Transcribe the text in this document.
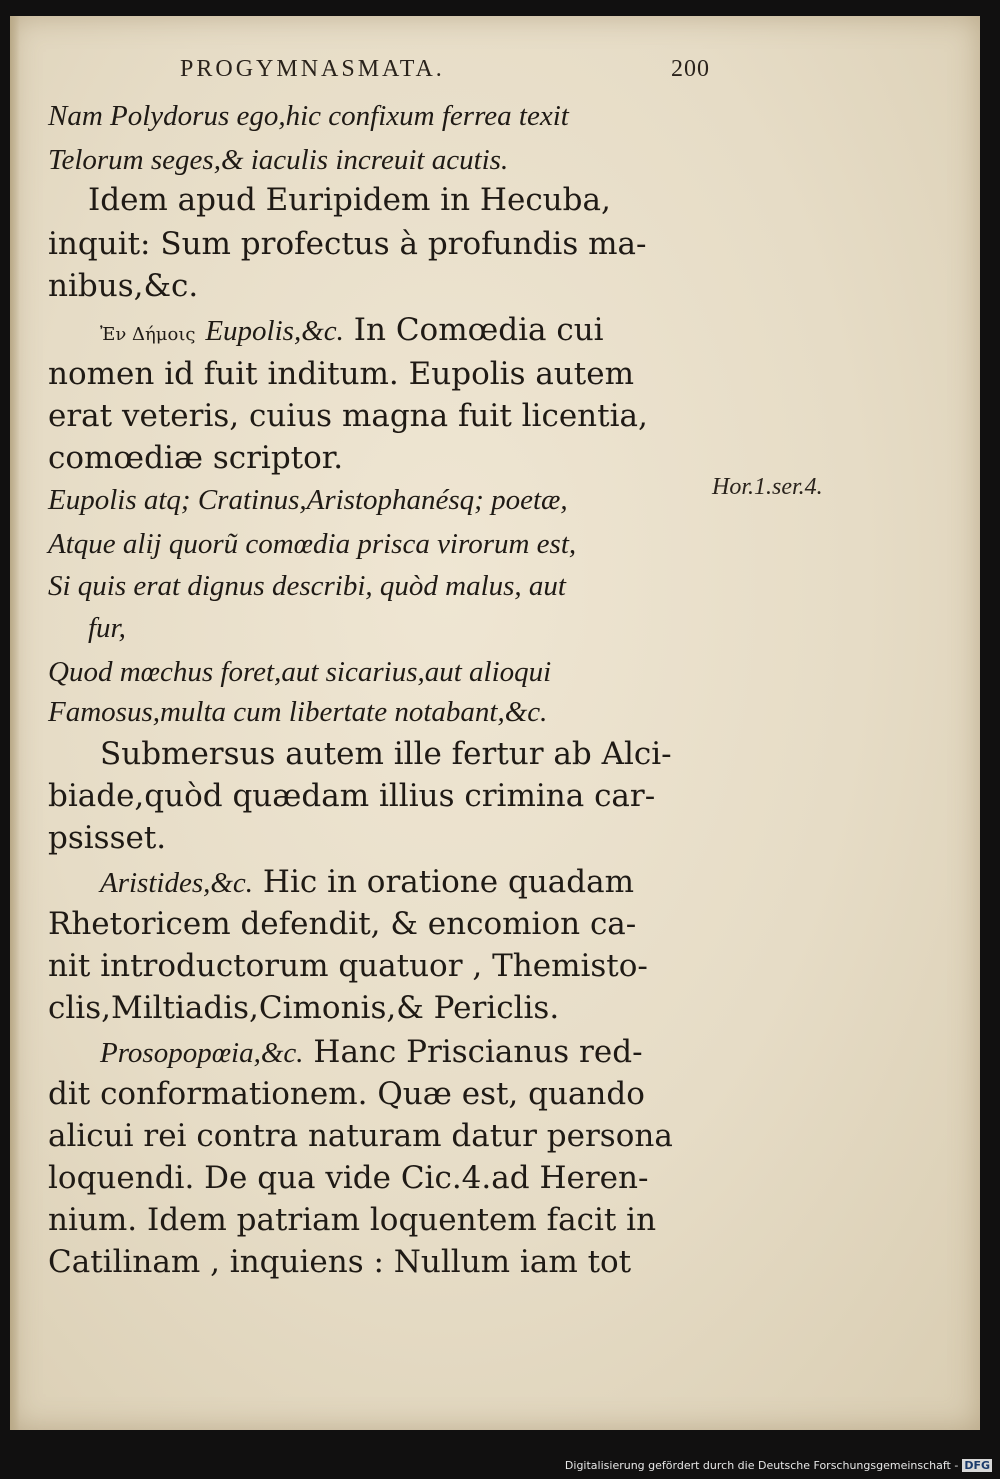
PROGYMNASMATA.	200
Nam Polydorus ego,hic confixum ferrea texit
Telorum seges,& iaculis increuit acutis.
Idem apud Euripidem in Hecuba,
inquit: Sum profectus à profundis ma-
nibus,&c.
Ἐν Δήμοις Eupolis,&c. In Comœdia cui
nomen id fuit inditum. Eupolis autem
erat veteris, cuius magna fuit licentia,
comœdiæ scriptor.
Eupolis atq; Cratinus,Aristophanésq; poetæ,
Atque alij quorũ comœdia prisca virorum est,
Si quis erat dignus describi, quòd malus, aut
fur,
Quod mœchus foret,aut sicarius,aut alioqui
Famosus,multa cum libertate notabant,&c.
Submersus autem ille fertur ab Alci-
biade,quòd quædam illius crimina car-
psisset.
Aristides,&c. Hic in oratione quadam
Rhetoricem defendit, & encomion ca-
nit introductorum quatuor , Themisto-
clis,Miltiadis,Cimonis,& Periclis.
Prosopopœia,&c. Hanc Priscianus red-
dit conformationem. Quæ est, quando
alicui rei contra naturam datur persona
loquendi. De qua vide Cic.4.ad Heren-
nium. Idem patriam loquentem facit in
Catilinam , inquiens : Nullum iam tot
Hor.1.ser.4.
Digitalisierung gefördert durch die Deutsche Forschungsgemeinschaft - DFG
